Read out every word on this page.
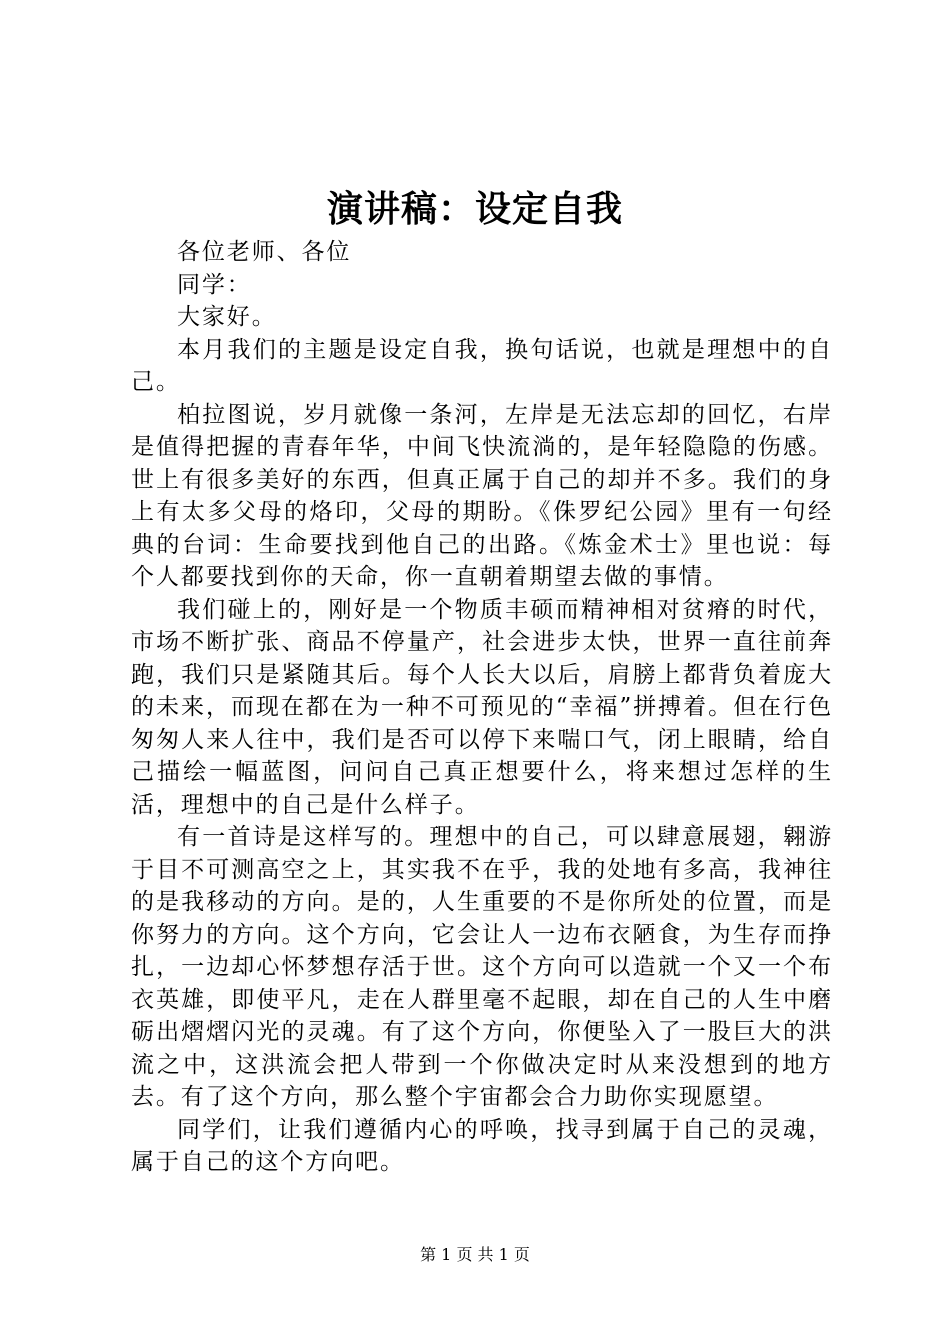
演讲稿：设定自我

各位老师、各位

同学：

大家好。

本月我们的主题是设定自我，换句话说，也就是理想中的自己。

柏拉图说，岁月就像一条河，左岸是无法忘却的回忆，右岸是值得把握的青春年华，中间飞快流淌的，是年轻隐隐的伤感。世上有很多美好的东西，但真正属于自己的却并不多。我们的身上有太多父母的烙印，父母的期盼。《侏罗纪公园》里有一句经典的台词：生命要找到他自己的出路。《炼金术士》里也说：每个人都要找到你的天命，你一直朝着期望去做的事情。

我们碰上的，刚好是一个物质丰硕而精神相对贫瘠的时代，市场不断扩张、商品不停量产，社会进步太快，世界一直往前奔跑，我们只是紧随其后。每个人长大以后，肩膀上都背负着庞大的未来，而现在都在为一种不可预见的“幸福”拼搏着。但在行色匆匆人来人往中，我们是否可以停下来喘口气，闭上眼睛，给自己描绘一幅蓝图，问问自己真正想要什么，将来想过怎样的生活，理想中的自己是什么样子。

有一首诗是这样写的。理想中的自己，可以肆意展翅，翱游于目不可测高空之上，其实我不在乎，我的处地有多高，我神往的是我移动的方向。是的，人生重要的不是你所处的位置，而是你努力的方向。这个方向，它会让人一边布衣陋食，为生存而挣扎，一边却心怀梦想存活于世。这个方向可以造就一个又一个布衣英雄，即使平凡，走在人群里毫不起眼，却在自己的人生中磨砺出熠熠闪光的灵魂。有了这个方向，你便坠入了一股巨大的洪流之中，这洪流会把人带到一个你做决定时从来没想到的地方去。有了这个方向，那么整个宇宙都会合力助你实现愿望。

同学们，让我们遵循内心的呼唤，找寻到属于自己的灵魂，属于自己的这个方向吧。

第 1 页 共 1 页
